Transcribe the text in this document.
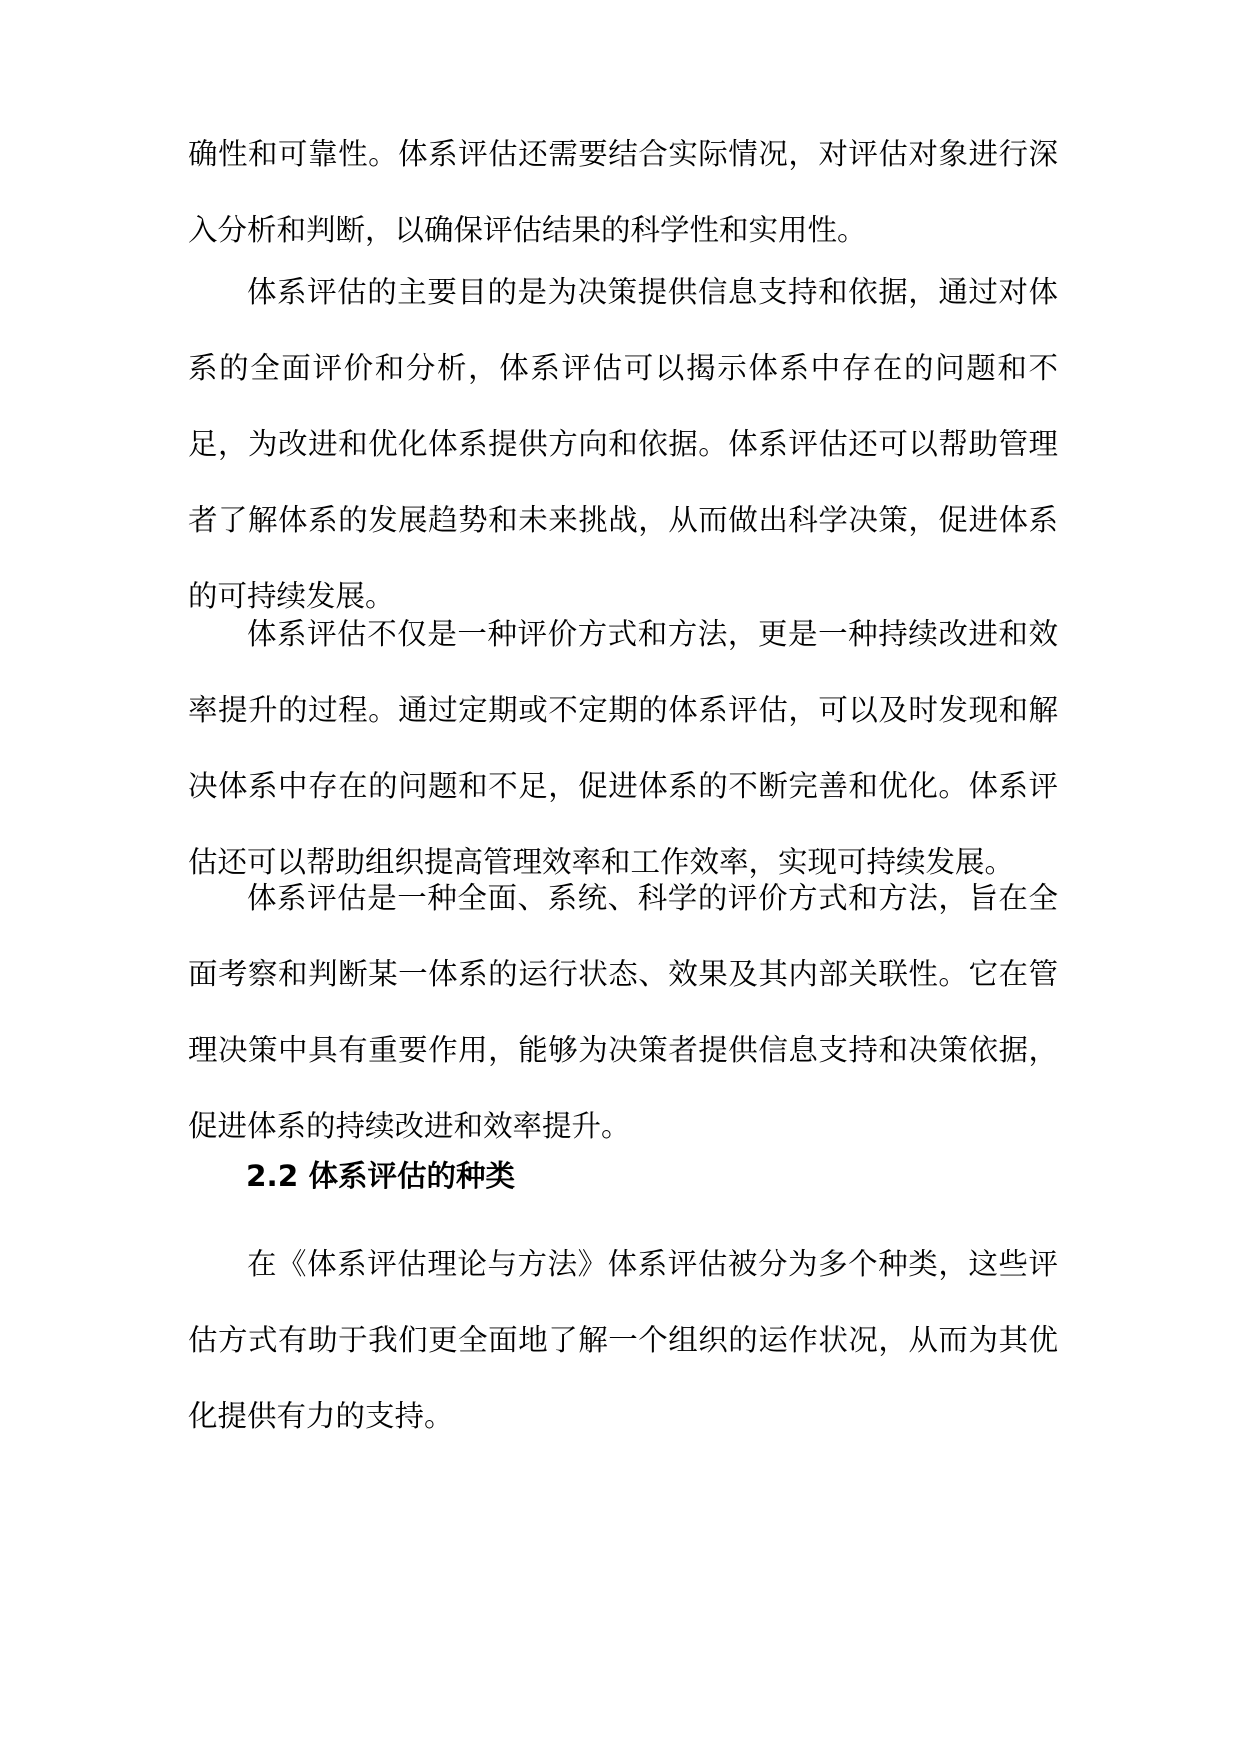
确性和可靠性。体系评估还需要结合实际情况，对评估对象进行深入分析和判断，以确保评估结果的科学性和实用性。

体系评估的主要目的是为决策提供信息支持和依据，通过对体系的全面评价和分析，体系评估可以揭示体系中存在的问题和不足，为改进和优化体系提供方向和依据。体系评估还可以帮助管理者了解体系的发展趋势和未来挑战，从而做出科学决策，促进体系的可持续发展。

体系评估不仅是一种评价方式和方法，更是一种持续改进和效率提升的过程。通过定期或不定期的体系评估，可以及时发现和解决体系中存在的问题和不足，促进体系的不断完善和优化。体系评估还可以帮助组织提高管理效率和工作效率，实现可持续发展。

体系评估是一种全面、系统、科学的评价方式和方法，旨在全面考察和判断某一体系的运行状态、效果及其内部关联性。它在管理决策中具有重要作用，能够为决策者提供信息支持和决策依据，促进体系的持续改进和效率提升。

2.2 体系评估的种类

在《体系评估理论与方法》体系评估被分为多个种类，这些评估方式有助于我们更全面地了解一个组织的运作状况，从而为其优化提供有力的支持。
